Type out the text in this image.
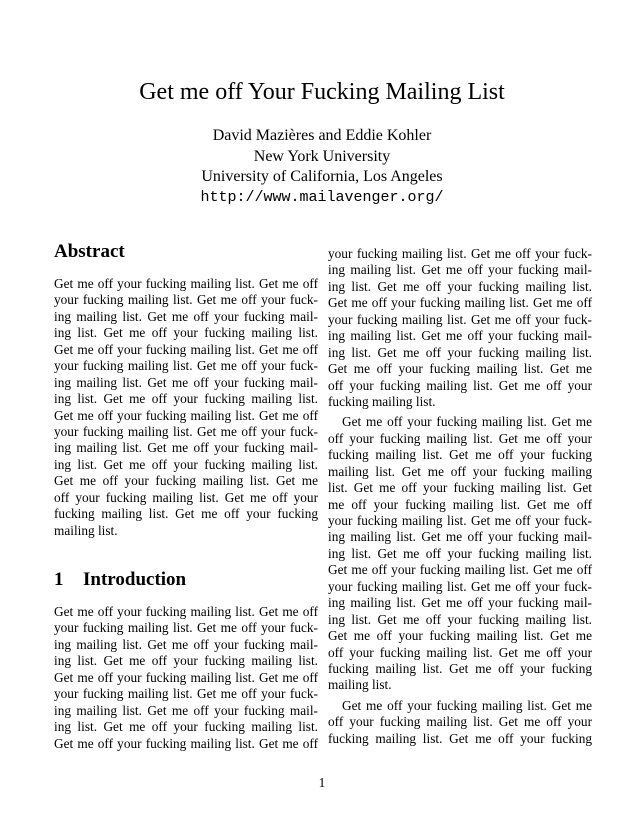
Get me off Your Fucking Mailing List
David Mazières and Eddie Kohler
New York University
University of California, Los Angeles
http://www.mailavenger.org/
Abstract
Get me off your fucking mailing list. Get me off
your fucking mailing list. Get me off your fuck-
ing mailing list. Get me off your fucking mail-
ing list. Get me off your fucking mailing list.
Get me off your fucking mailing list. Get me off
your fucking mailing list. Get me off your fuck-
ing mailing list. Get me off your fucking mail-
ing list. Get me off your fucking mailing list.
Get me off your fucking mailing list. Get me off
your fucking mailing list. Get me off your fuck-
ing mailing list. Get me off your fucking mail-
ing list. Get me off your fucking mailing list.
Get me off your fucking mailing list. Get me
off your fucking mailing list. Get me off your
fucking mailing list. Get me off your fucking
mailing list.
1 Introduction
Get me off your fucking mailing list. Get me off
your fucking mailing list. Get me off your fuck-
ing mailing list. Get me off your fucking mail-
ing list. Get me off your fucking mailing list.
Get me off your fucking mailing list. Get me off
your fucking mailing list. Get me off your fuck-
ing mailing list. Get me off your fucking mail-
ing list. Get me off your fucking mailing list.
Get me off your fucking mailing list. Get me off
your fucking mailing list. Get me off your fuck-
ing mailing list. Get me off your fucking mail-
ing list. Get me off your fucking mailing list.
Get me off your fucking mailing list. Get me off
your fucking mailing list. Get me off your fuck-
ing mailing list. Get me off your fucking mail-
ing list. Get me off your fucking mailing list.
Get me off your fucking mailing list. Get me
off your fucking mailing list. Get me off your
fucking mailing list.
Get me off your fucking mailing list. Get me
off your fucking mailing list. Get me off your
fucking mailing list. Get me off your fucking
mailing list. Get me off your fucking mailing
list. Get me off your fucking mailing list. Get
me off your fucking mailing list. Get me off
your fucking mailing list. Get me off your fuck-
ing mailing list. Get me off your fucking mail-
ing list. Get me off your fucking mailing list.
Get me off your fucking mailing list. Get me off
your fucking mailing list. Get me off your fuck-
ing mailing list. Get me off your fucking mail-
ing list. Get me off your fucking mailing list.
Get me off your fucking mailing list. Get me
off your fucking mailing list. Get me off your
fucking mailing list. Get me off your fucking
mailing list.
Get me off your fucking mailing list. Get me
off your fucking mailing list. Get me off your
fucking mailing list. Get me off your fucking
1
